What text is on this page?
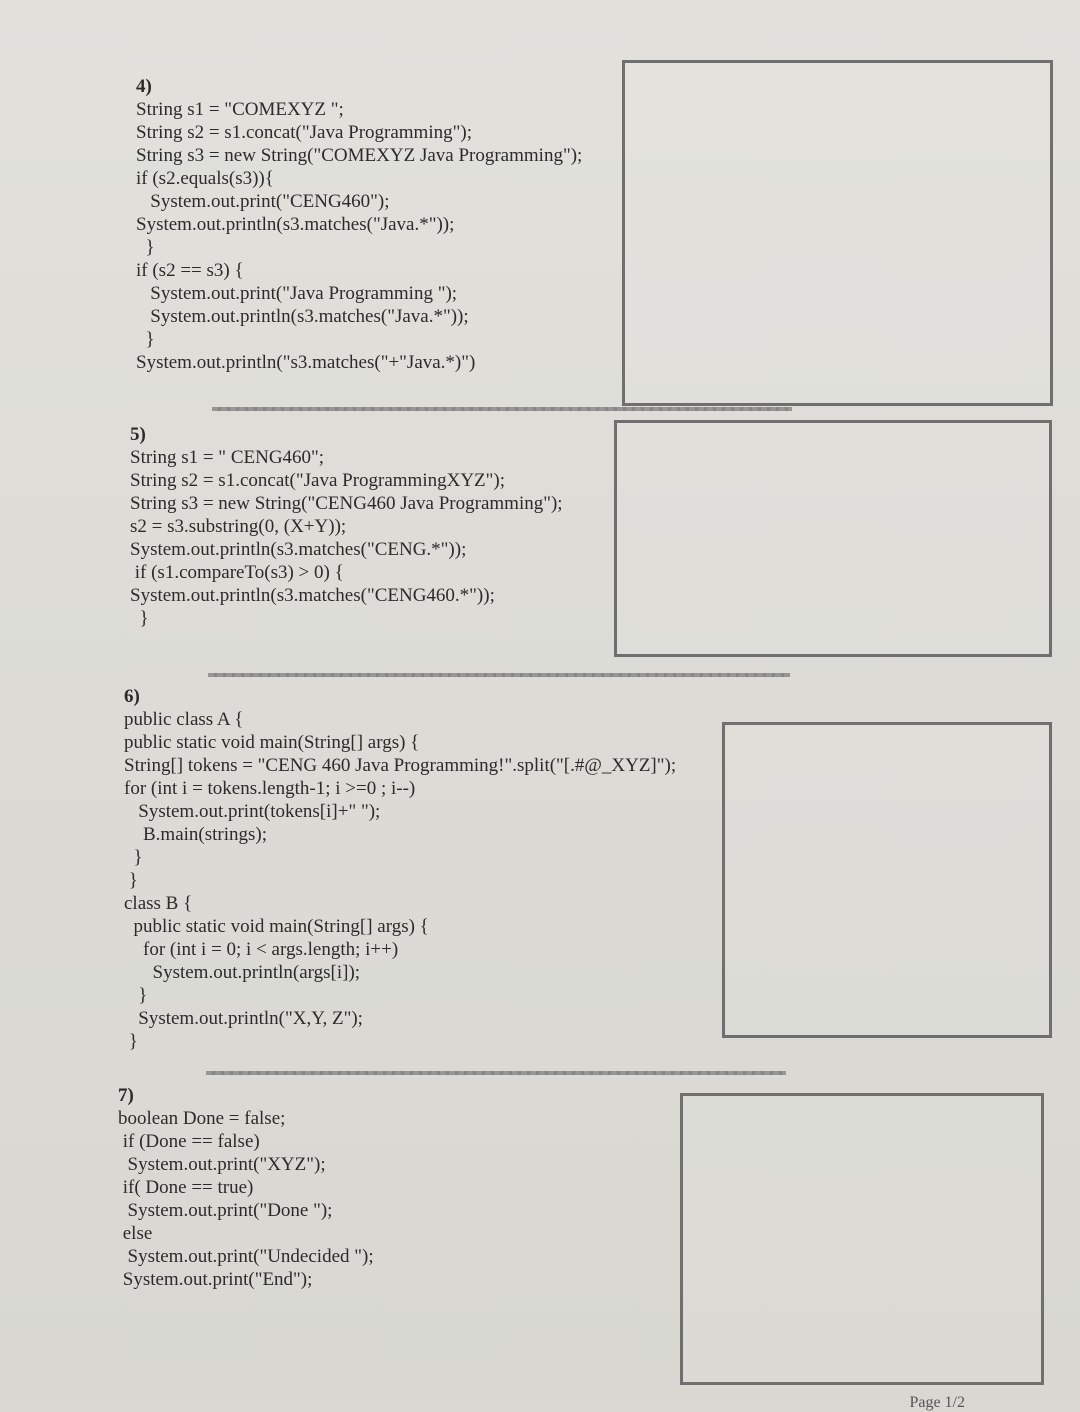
4)
String s1 = "COMEXYZ ";
String s2 = s1.concat("Java Programming");
String s3 = new String("COMEXYZ Java Programming");
if (s2.equals(s3)){
System.out.print("CENG460");
System.out.println(s3.matches("Java.*"));
}
if (s2 == s3) {
System.out.print("Java Programming ");
System.out.println(s3.matches("Java.*"));
}
System.out.println("s3.matches("+"Java.*)")
5)
String s1 = " CENG460";
String s2 = s1.concat("Java ProgrammingXYZ");
String s3 = new String("CENG460 Java Programming");
s2 = s3.substring(0, (X+Y));
System.out.println(s3.matches("CENG.*"));
if (s1.compareTo(s3) > 0) {
System.out.println(s3.matches("CENG460.*"));
}
6)
public class A {
public static void main(String[] args) {
String[] tokens = "CENG 460 Java Programming!".split("[.#@_XYZ]");
for (int i = tokens.length-1; i >=0 ; i--)
System.out.print(tokens[i]+" ");
B.main(strings);
}
}
class B {
public static void main(String[] args) {
for (int i = 0; i < args.length; i++)
System.out.println(args[i]);
}
System.out.println("X,Y, Z");
}
7)
boolean Done = false;
if (Done == false)
System.out.print("XYZ");
if( Done == true)
System.out.print("Done ");
else
System.out.print("Undecided ");
System.out.print("End");
Page 1/2
